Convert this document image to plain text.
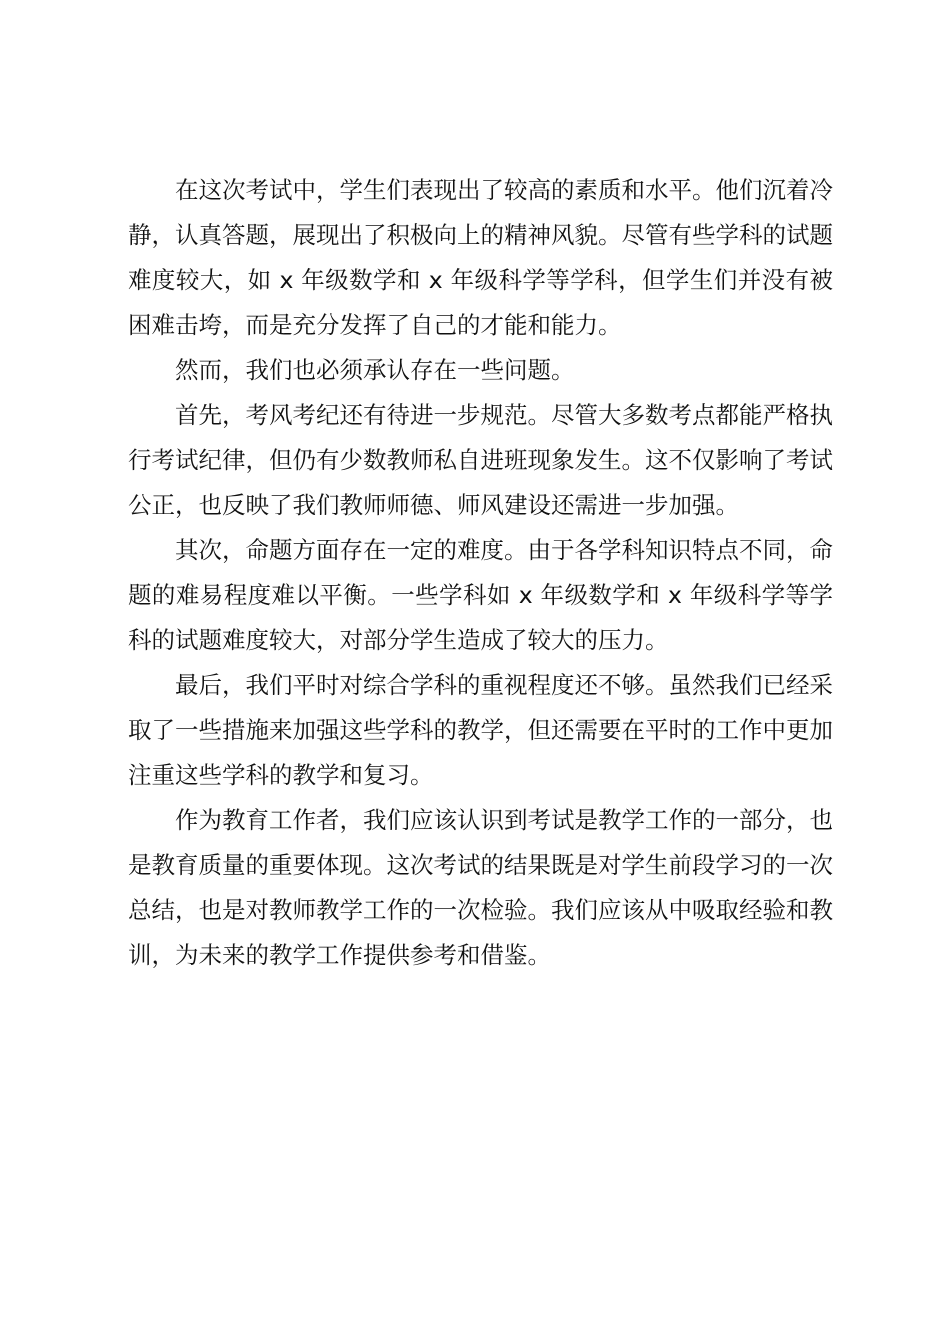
在这次考试中，学生们表现出了较高的素质和水平。他们沉着冷静，认真答题，展现出了积极向上的精神风貌。尽管有些学科的试题难度较大，如 x 年级数学和 x 年级科学等学科，但学生们并没有被困难击垮，而是充分发挥了自己的才能和能力。

然而，我们也必须承认存在一些问题。

首先，考风考纪还有待进一步规范。尽管大多数考点都能严格执行考试纪律，但仍有少数教师私自进班现象发生。这不仅影响了考试公正，也反映了我们教师师德、师风建设还需进一步加强。

其次，命题方面存在一定的难度。由于各学科知识特点不同，命题的难易程度难以平衡。一些学科如 x 年级数学和 x 年级科学等学科的试题难度较大，对部分学生造成了较大的压力。

最后，我们平时对综合学科的重视程度还不够。虽然我们已经采取了一些措施来加强这些学科的教学，但还需要在平时的工作中更加注重这些学科的教学和复习。

作为教育工作者，我们应该认识到考试是教学工作的一部分，也是教育质量的重要体现。这次考试的结果既是对学生前段学习的一次总结，也是对教师教学工作的一次检验。我们应该从中吸取经验和教训，为未来的教学工作提供参考和借鉴。
